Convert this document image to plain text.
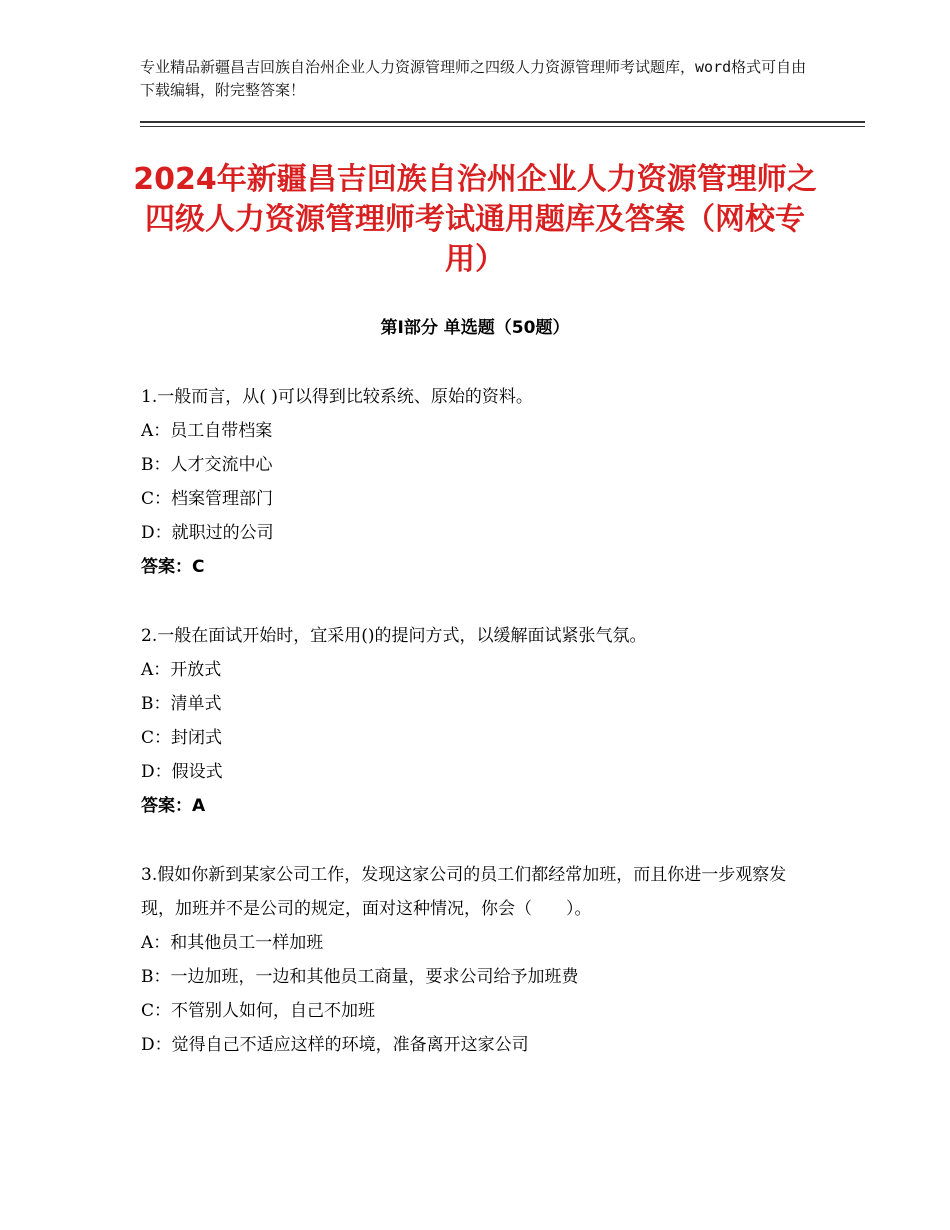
专业精品新疆昌吉回族自治州企业人力资源管理师之四级人力资源管理师考试题库，word格式可自由下载编辑，附完整答案！
2024年新疆昌吉回族自治州企业人力资源管理师之四级人力资源管理师考试通用题库及答案（网校专用）
第Ⅰ部分 单选题（50题）

1.一般而言，从( )可以得到比较系统、原始的资料。

A：员工自带档案

B：人才交流中心

C：档案管理部门

D：就职过的公司

答案：C

2.一般在面试开始时，宜采用()的提问方式，以缓解面试紧张气氛。

A：开放式

B：清单式

C：封闭式

D：假设式

答案：A

3.假如你新到某家公司工作，发现这家公司的员工们都经常加班，而且你进一步观察发现，加班并不是公司的规定，面对这种情况，你会（　　）。

A：和其他员工一样加班

B：一边加班，一边和其他员工商量，要求公司给予加班费

C：不管别人如何，自己不加班

D：觉得自己不适应这样的环境，准备离开这家公司
